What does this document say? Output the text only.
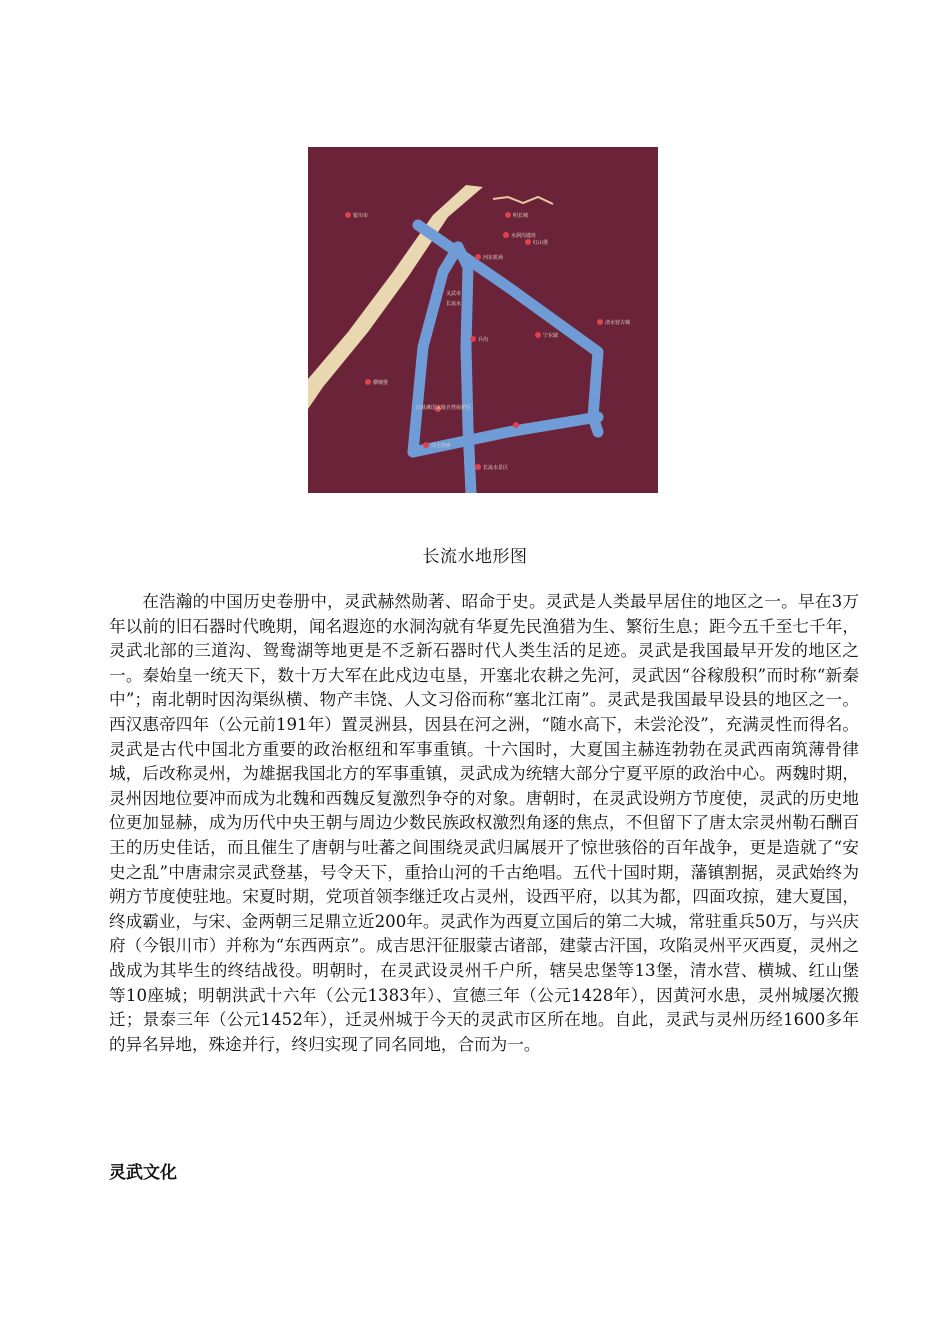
银川市	明长城
水洞沟遗址
红山堡
河东机场
灵武市
长流水
兵沟
白芨滩国家级自然保护区
宁东镇
清水营古城
横城堡
白土岗乡
长流水景区
长流水地形图

在浩瀚的中国历史卷册中，灵武赫然勋著、昭命于史。灵武是人类最早居住的地区之一。早在3万年以前的旧石器时代晚期，闻名遐迩的水洞沟就有华夏先民渔猎为生、繁衍生息；距今五千至七千年，灵武北部的三道沟、鸳鸯湖等地更是不乏新石器时代人类生活的足迹。灵武是我国最早开发的地区之一。秦始皇一统天下，数十万大军在此戍边屯垦，开塞北农耕之先河，灵武因“谷稼殷积”而时称“新秦中”；南北朝时因沟渠纵横、物产丰饶、人文习俗而称“塞北江南”。灵武是我国最早设县的地区之一。西汉惠帝四年（公元前191年）置灵洲县，因县在河之洲，“随水高下，未尝沦没”，充满灵性而得名。灵武是古代中国北方重要的政治枢纽和军事重镇。十六国时，大夏国主赫连勃勃在灵武西南筑薄骨律城，后改称灵州，为雄据我国北方的军事重镇，灵武成为统辖大部分宁夏平原的政治中心。两魏时期，灵州因地位要冲而成为北魏和西魏反复激烈争夺的对象。唐朝时，在灵武设朔方节度使，灵武的历史地位更加显赫，成为历代中央王朝与周边少数民族政权激烈角逐的焦点，不但留下了唐太宗灵州勒石酬百王的历史佳话，而且催生了唐朝与吐蕃之间围绕灵武归属展开了惊世骇俗的百年战争，更是造就了“安史之乱”中唐肃宗灵武登基，号令天下，重拾山河的千古绝唱。五代十国时期，藩镇割据，灵武始终为朔方节度使驻地。宋夏时期，党项首领李继迁攻占灵州，设西平府，以其为都，四面攻掠，建大夏国，终成霸业，与宋、金两朝三足鼎立近200年。灵武作为西夏立国后的第二大城，常驻重兵50万，与兴庆府（今银川市）并称为“东西两京”。成吉思汗征服蒙古诸部，建蒙古汗国，攻陷灵州平灭西夏，灵州之战成为其毕生的终结战役。明朝时，在灵武设灵州千户所，辖吴忠堡等13堡，清水营、横城、红山堡等10座城；明朝洪武十六年（公元1383年）、宣德三年（公元1428年），因黄河水患，灵州城屡次搬迁；景泰三年（公元1452年），迁灵州城于今天的灵武市区所在地。自此，灵武与灵州历经1600多年的异名异地，殊途并行，终归实现了同名同地，合而为一。

灵武文化
